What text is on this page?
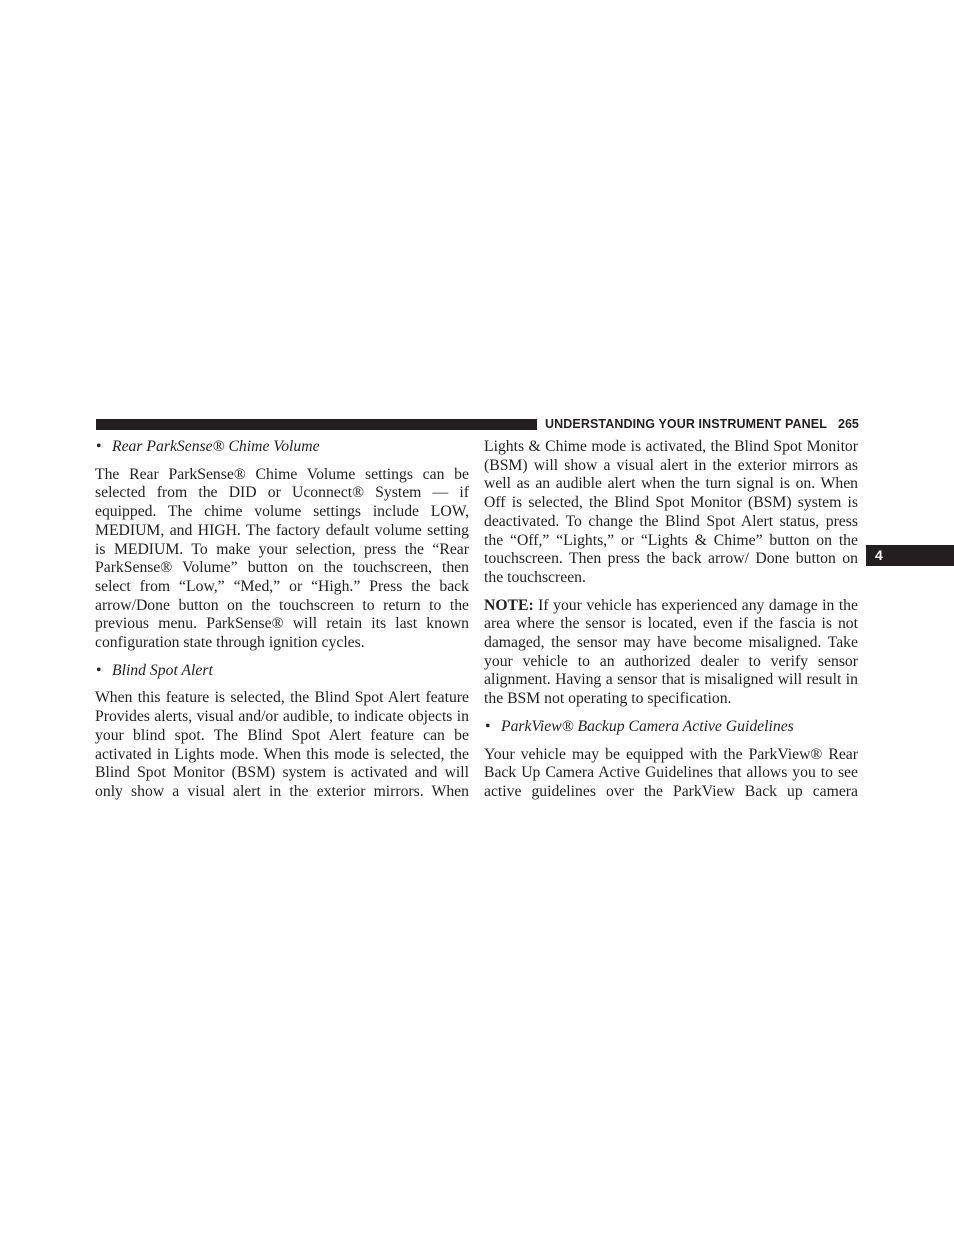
UNDERSTANDING YOUR INSTRUMENT PANEL 265
4
• Rear ParkSense® Chime Volume

The Rear ParkSense® Chime Volume settings can be selected from the DID or Uconnect® System — if equipped. The chime volume settings include LOW, MEDIUM, and HIGH. The factory default volume setting is MEDIUM. To make your selection, press the “Rear ParkSense® Volume” button on the touchscreen, then select from “Low,” “Med,” or “High.” Press the back arrow/Done button on the touchscreen to return to the previous menu. ParkSense® will retain its last known configuration state through ignition cycles.

• Blind Spot Alert

When this feature is selected, the Blind Spot Alert feature Provides alerts, visual and/or audible, to indicate objects in your blind spot. The Blind Spot Alert feature can be activated in Lights mode. When this mode is selected, the Blind Spot Monitor (BSM) system is activated and will only show a visual alert in the exterior mirrors. When

Lights & Chime mode is activated, the Blind Spot Monitor (BSM) will show a visual alert in the exterior mirrors as well as an audible alert when the turn signal is on. When Off is selected, the Blind Spot Monitor (BSM) system is deactivated. To change the Blind Spot Alert status, press the “Off,” “Lights,” or “Lights & Chime” button on the touchscreen. Then press the back arrow/ Done button on the touchscreen.

NOTE: If your vehicle has experienced any damage in the area where the sensor is located, even if the fascia is not damaged, the sensor may have become misaligned. Take your vehicle to an authorized dealer to verify sensor alignment. Having a sensor that is misaligned will result in the BSM not operating to specification.

• ParkView® Backup Camera Active Guidelines

Your vehicle may be equipped with the ParkView® Rear Back Up Camera Active Guidelines that allows you to see active guidelines over the ParkView Back up camera
